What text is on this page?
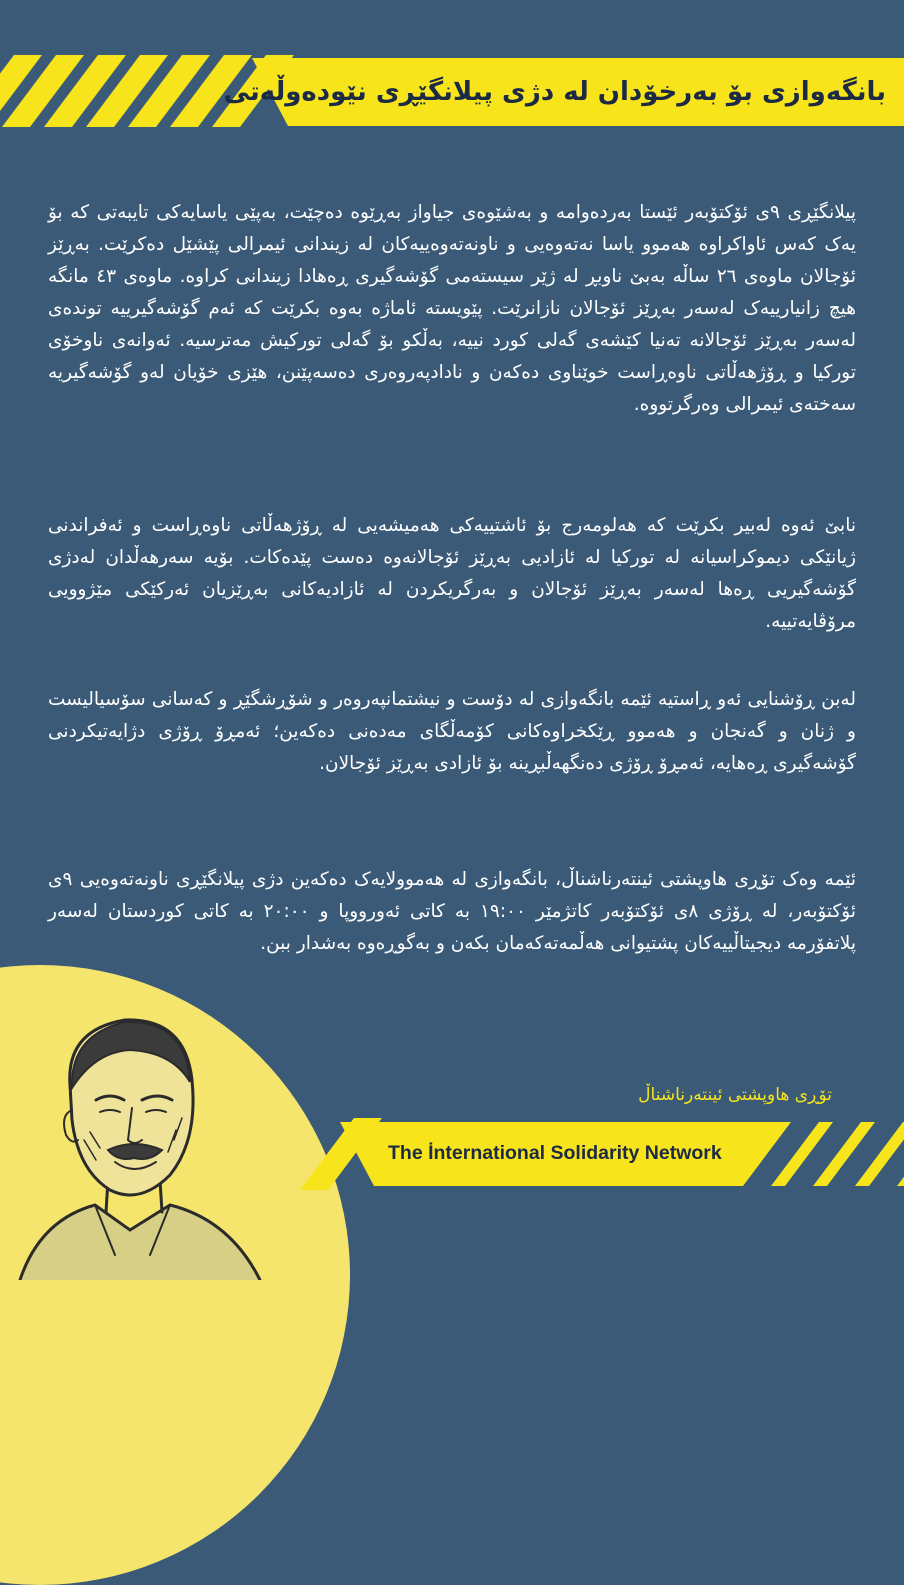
بانگەوازی بۆ بەرخۆدان لە دژی پیلانگێڕی نێودەوڵەتی

پیلانگێڕی ٩ی ئۆکتۆبەر ئێستا بەردەوامە و بەشێوەی جیاواز بەڕێوە دەچێت، بەپێی یاسایەکی تایبەتی کە بۆ یەک کەس ئاواکراوە هەموو یاسا نەتەوەیی و ناونەتەوەییەکان لە زیندانی ئیمرالی پێشێل دەکرێت. بەڕێز ئۆجالان ماوەی ٢٦ ساڵە بەبێ ناوبڕ لە ژێر سیستەمی گۆشەگیری ڕەهادا زیندانی کراوە. ماوەی ٤٣ مانگە هیچ زانیارییەک لەسەر بەڕێز ئۆجالان نازانرێت. پێویستە ئاماژە بەوە بکرێت کە ئەم گۆشەگیرییە توندەی لەسەر بەڕێز ئۆجالانە تەنیا کێشەی گەلی کورد نییە، بەڵکو بۆ گەلی تورکیش مەترسیە. ئەوانەی ناوخۆی تورکیا و ڕۆژهەڵاتی ناوەڕاست خوێناوی دەکەن و نادادپەروەری دەسەپێنن، هێزی خۆیان لەو گۆشەگیریە سەختەی ئیمرالی وەرگرتووە.

نابێ ئەوە لەبیر بکرێت کە هەلومەرج بۆ ئاشتییەکی هەمیشەیی لە ڕۆژهەڵاتی ناوەڕاست و ئەفراندنی ژیانێکی دیموکراسیانە لە تورکیا لە ئازادیی بەڕێز ئۆجالانەوە دەست پێدەکات. بۆیە سەرهەڵدان لەدژی گۆشەگیریی ڕەها لەسەر بەڕێز ئۆجالان و بەرگریکردن لە ئازادیەکانی بەڕێزیان ئەرکێکی مێژوویی مرۆڤایەتییە.

لەبن ڕۆشنایی ئەو ڕاستیە ئێمە بانگەوازی لە دۆست و نیشتمانپەروەر و شۆڕشگێڕ و کەسانی سۆسیالیست و ژنان و گەنجان و هەموو ڕێکخراوەکانی کۆمەڵگای مەدەنی دەکەین؛ ئەمڕۆ ڕۆژی دژایەتیکردنی گۆشەگیری ڕەهایە، ئەمڕۆ ڕۆژی دەنگهەڵبڕینە بۆ ئازادی بەڕێز ئۆجالان.

ئێمە وەک تۆڕی هاوپشتی ئینتەرناشناڵ، بانگەوازی لە هەموولایەک دەکەین دژی پیلانگێڕی ناونەتەوەیی ٩ی ئۆکتۆبەر، لە ڕۆژی ٨ی ئۆکتۆبەر کاتژمێر ١٩:٠٠ بە کاتی ئەورووپا و ٢٠:٠٠ بە کاتی کوردستان لەسەر پلاتفۆرمە دیجیتاڵییەکان پشتیوانی هەڵمەتەکەمان بکەن و بەگوڕەوە بەشدار ببن.

تۆڕی هاوپشتی ئینتەرناشناڵ
The İnternational Solidarity Network
